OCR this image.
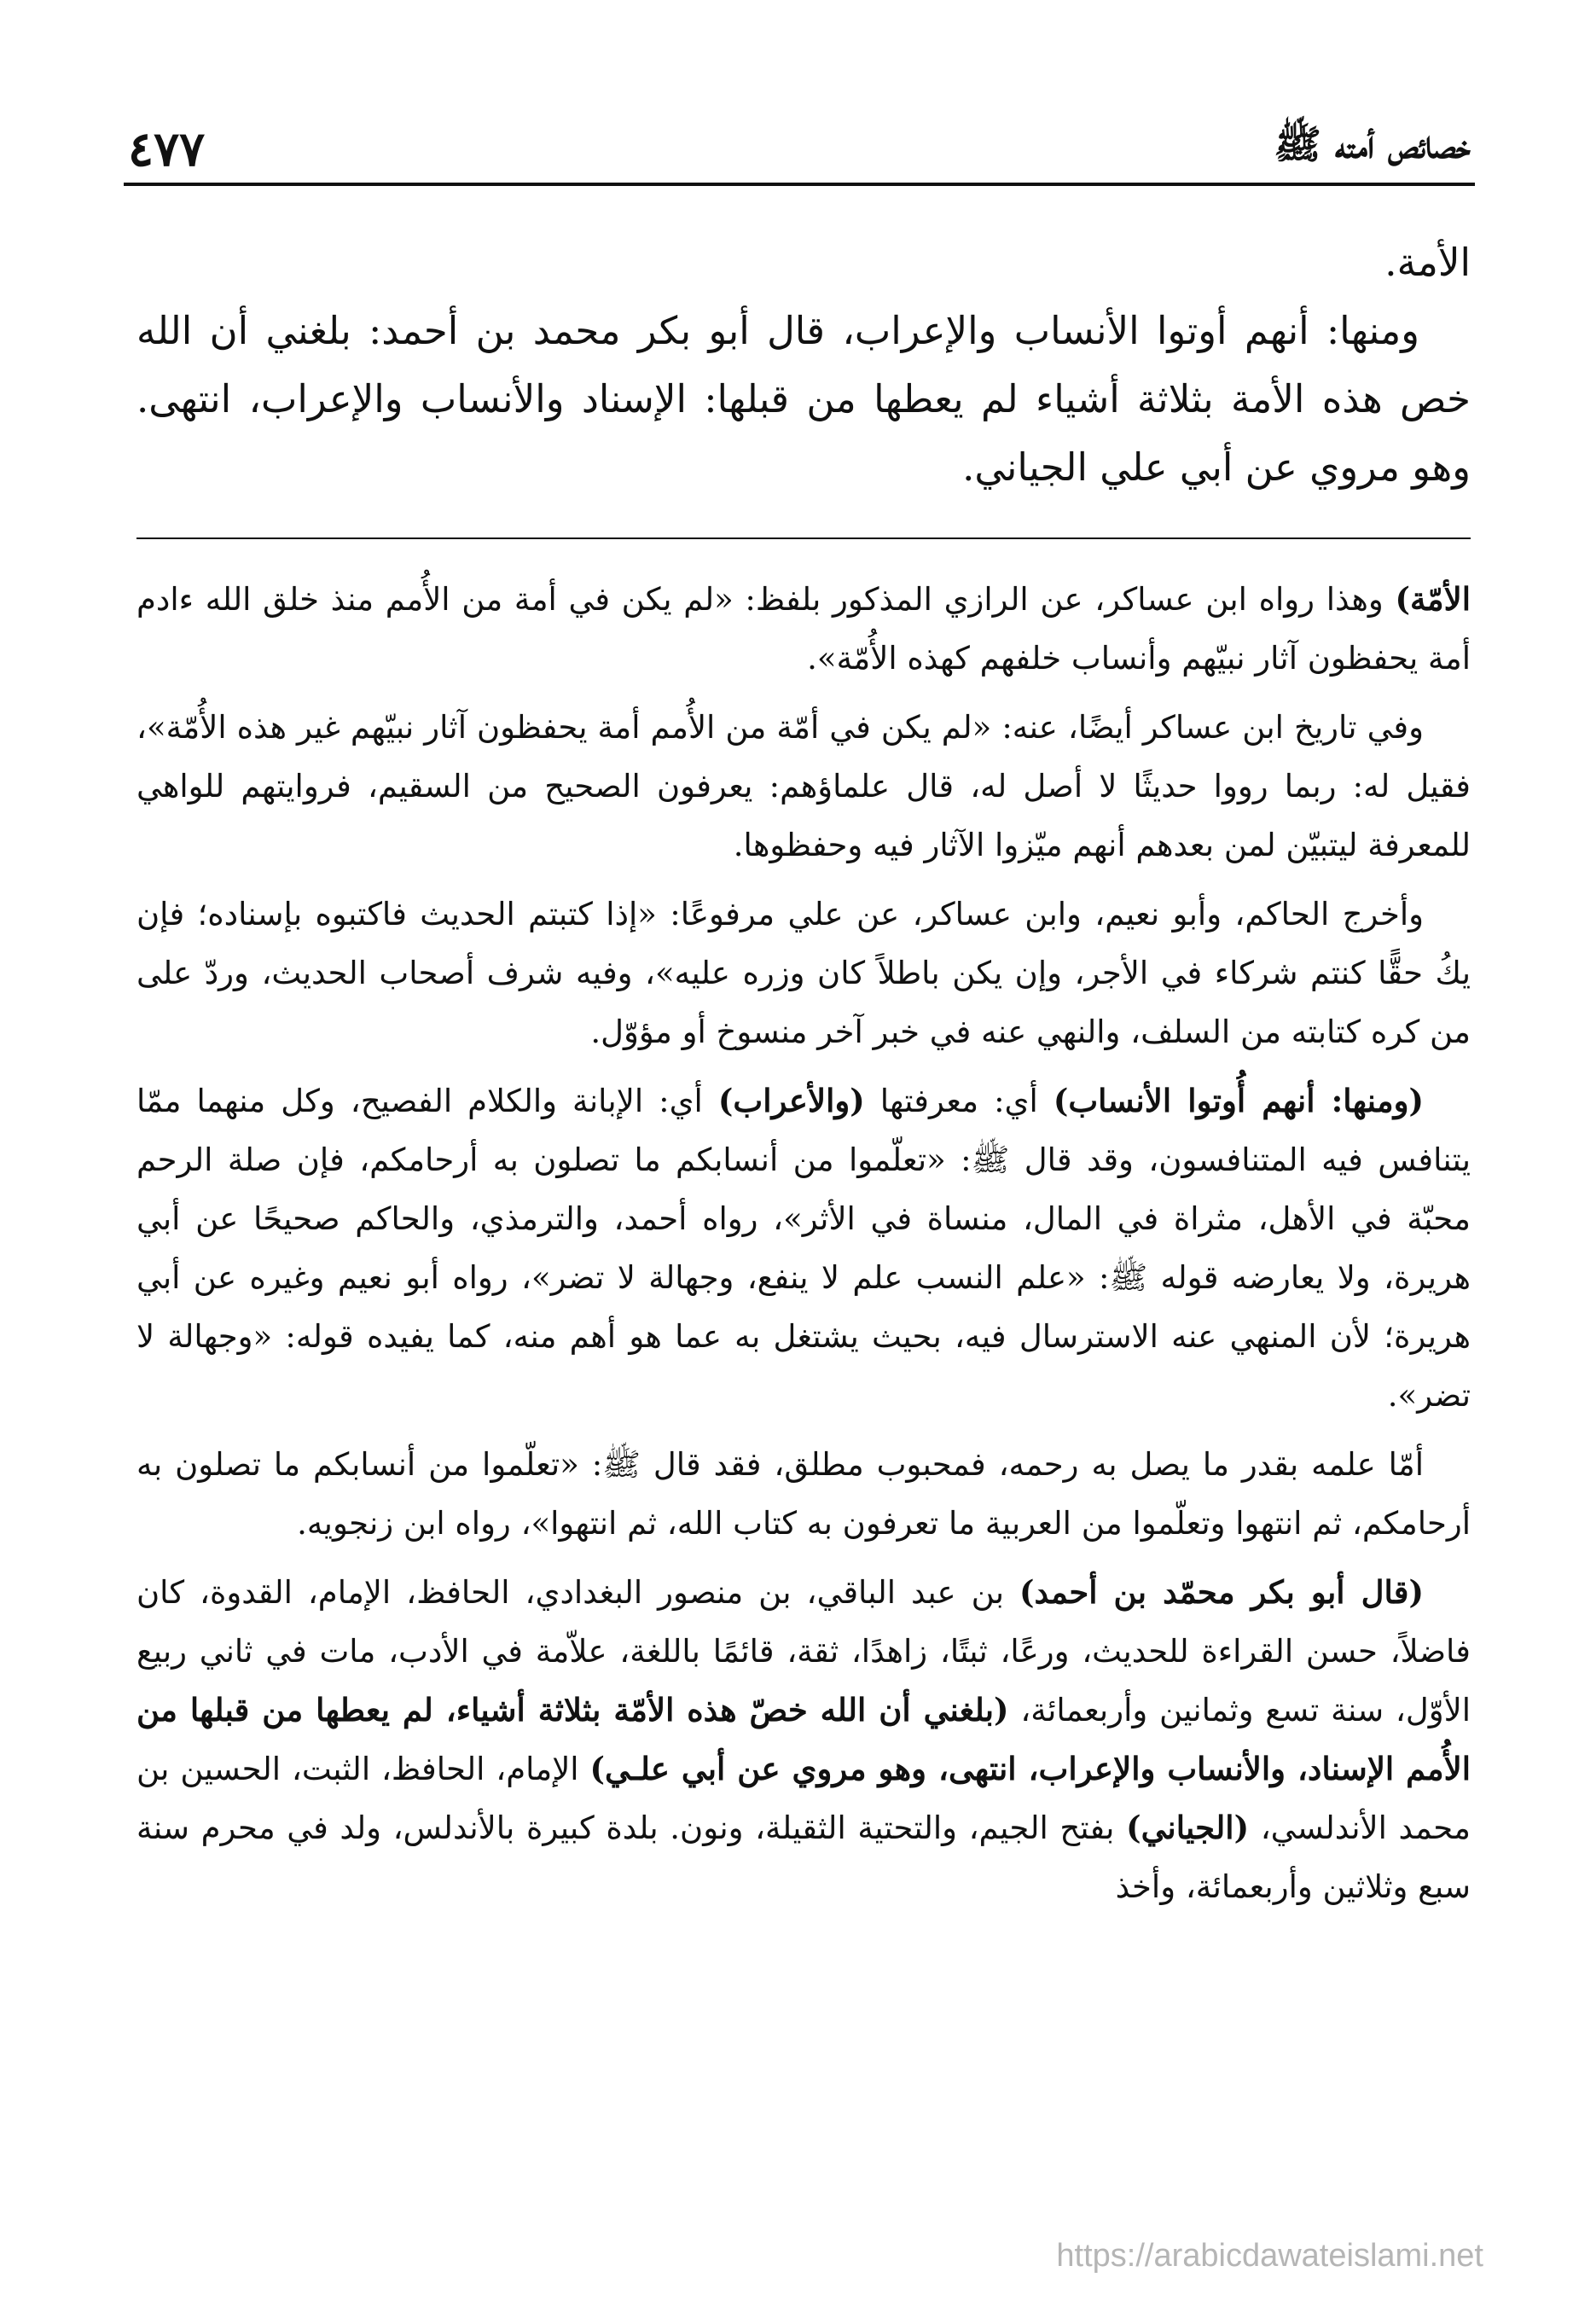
٤٧٧	خصائص أمته ﷺ

الأمة.

ومنها: أنهم أوتوا الأنساب والإعراب، قال أبو بكر محمد بن أحمد: بلغني أن الله خص هذه الأمة بثلاثة أشياء لم يعطها من قبلها: الإسناد والأنساب والإعراب، انتهى. وهو مروي عن أبي علي الجياني.

الأمّة) وهذا رواه ابن عساكر، عن الرازي المذكور بلفظ: «لم يكن في أمة من الأُمم منذ خلق الله ءادم أمة يحفظون آثار نبيّهم وأنساب خلفهم كهذه الأُمّة».

وفي تاريخ ابن عساكر أيضًا، عنه: «لم يكن في أمّة من الأُمم أمة يحفظون آثار نبيّهم غير هذه الأُمّة»، فقيل له: ربما رووا حديثًا لا أصل له، قال علماؤهم: يعرفون الصحيح من السقيم، فروايتهم للواهي للمعرفة ليتبيّن لمن بعدهم أنهم ميّزوا الآثار فيه وحفظوها.

وأخرج الحاكم، وأبو نعيم، وابن عساكر، عن علي مرفوعًا: «إذا كتبتم الحديث فاكتبوه بإسناده؛ فإن يكُ حقًّا كنتم شركاء في الأجر، وإن يكن باطلاً كان وزره عليه»، وفيه شرف أصحاب الحديث، وردّ على من كره كتابته من السلف، والنهي عنه في خبر آخر منسوخ أو مؤوّل.

(ومنها: أنهم أُوتوا الأنساب) أي: معرفتها (والأعراب) أي: الإبانة والكلام الفصيح، وكل منهما ممّا يتنافس فيه المتنافسون، وقد قال ﷺ: «تعلّموا من أنسابكم ما تصلون به أرحامكم، فإن صلة الرحم محبّة في الأهل، مثراة في المال، منساة في الأثر»، رواه أحمد، والترمذي، والحاكم صحيحًا عن أبي هريرة، ولا يعارضه قوله ﷺ: «علم النسب علم لا ينفع، وجهالة لا تضر»، رواه أبو نعيم وغيره عن أبي هريرة؛ لأن المنهي عنه الاسترسال فيه، بحيث يشتغل به عما هو أهم منه، كما يفيده قوله: «وجهالة لا تضر».

أمّا علمه بقدر ما يصل به رحمه، فمحبوب مطلق، فقد قال ﷺ: «تعلّموا من أنسابكم ما تصلون به أرحامكم، ثم انتهوا وتعلّموا من العربية ما تعرفون به كتاب الله، ثم انتهوا»، رواه ابن زنجويه.

(قال أبو بكر محمّد بن أحمد) بن عبد الباقي، بن منصور البغدادي، الحافظ، الإمام، القدوة، كان فاضلاً، حسن القراءة للحديث، ورعًا، ثبتًا، زاهدًا، ثقة، قائمًا باللغة، علاّمة في الأدب، مات في ثاني ربيع الأوّل، سنة تسع وثمانين وأربعمائة، (بلغني أن الله خصّ هذه الأمّة بثلاثة أشياء، لم يعطها من قبلها من الأُمم الإسناد، والأنساب والإعراب، انتهى، وهو مروي عن أبي علـي) الإمام، الحافظ، الثبت، الحسين بن محمد الأندلسي، (الجياني) بفتح الجيم، والتحتية الثقيلة، ونون. بلدة كبيرة بالأندلس، ولد في محرم سنة سبع وثلاثين وأربعمائة، وأخذ

https://arabicdawateislami.net
